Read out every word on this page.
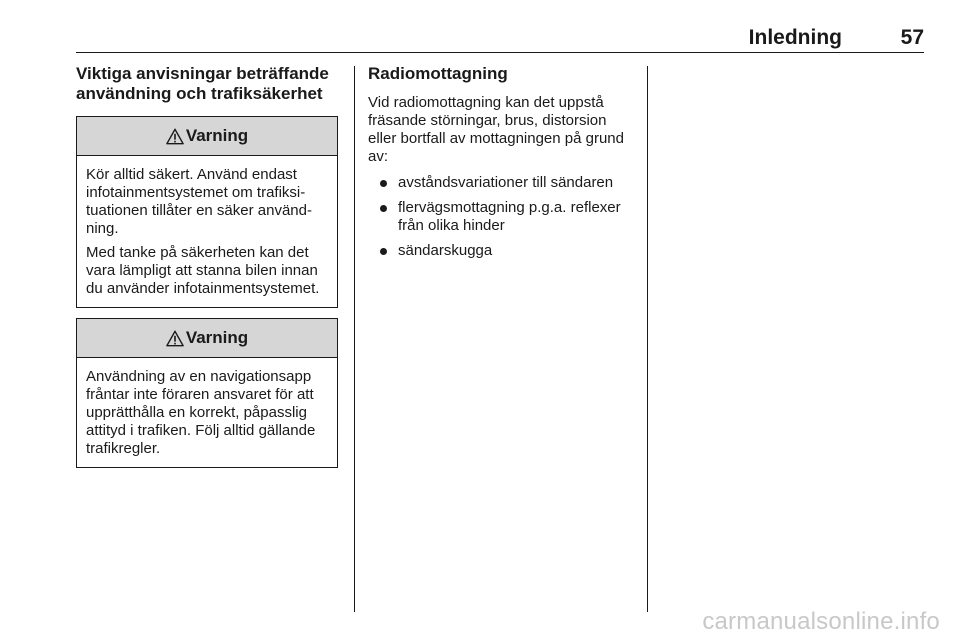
Inledning	57
Viktiga anvisningar beträffande användning och trafiksäkerhet
Varning

Kör alltid säkert. Använd endast infotainmentsystemet om trafiksituationen tillåter en säker användning.

Med tanke på säkerheten kan det vara lämpligt att stanna bilen innan du använder infotainmentsystemet.

Varning

Användning av en navigationsapp fråntar inte föraren ansvaret för att upprätthålla en korrekt, påpasslig attityd i trafiken. Följ alltid gällande trafikregler.

Radiomottagning

Vid radiomottagning kan det uppstå fräsande störningar, brus, distorsion eller bortfall av mottagningen på grund av:

avståndsvariationer till sändaren
flervägsmottagning p.g.a. reflexer från olika hinder
sändarskugga
carmanualsonline.info
